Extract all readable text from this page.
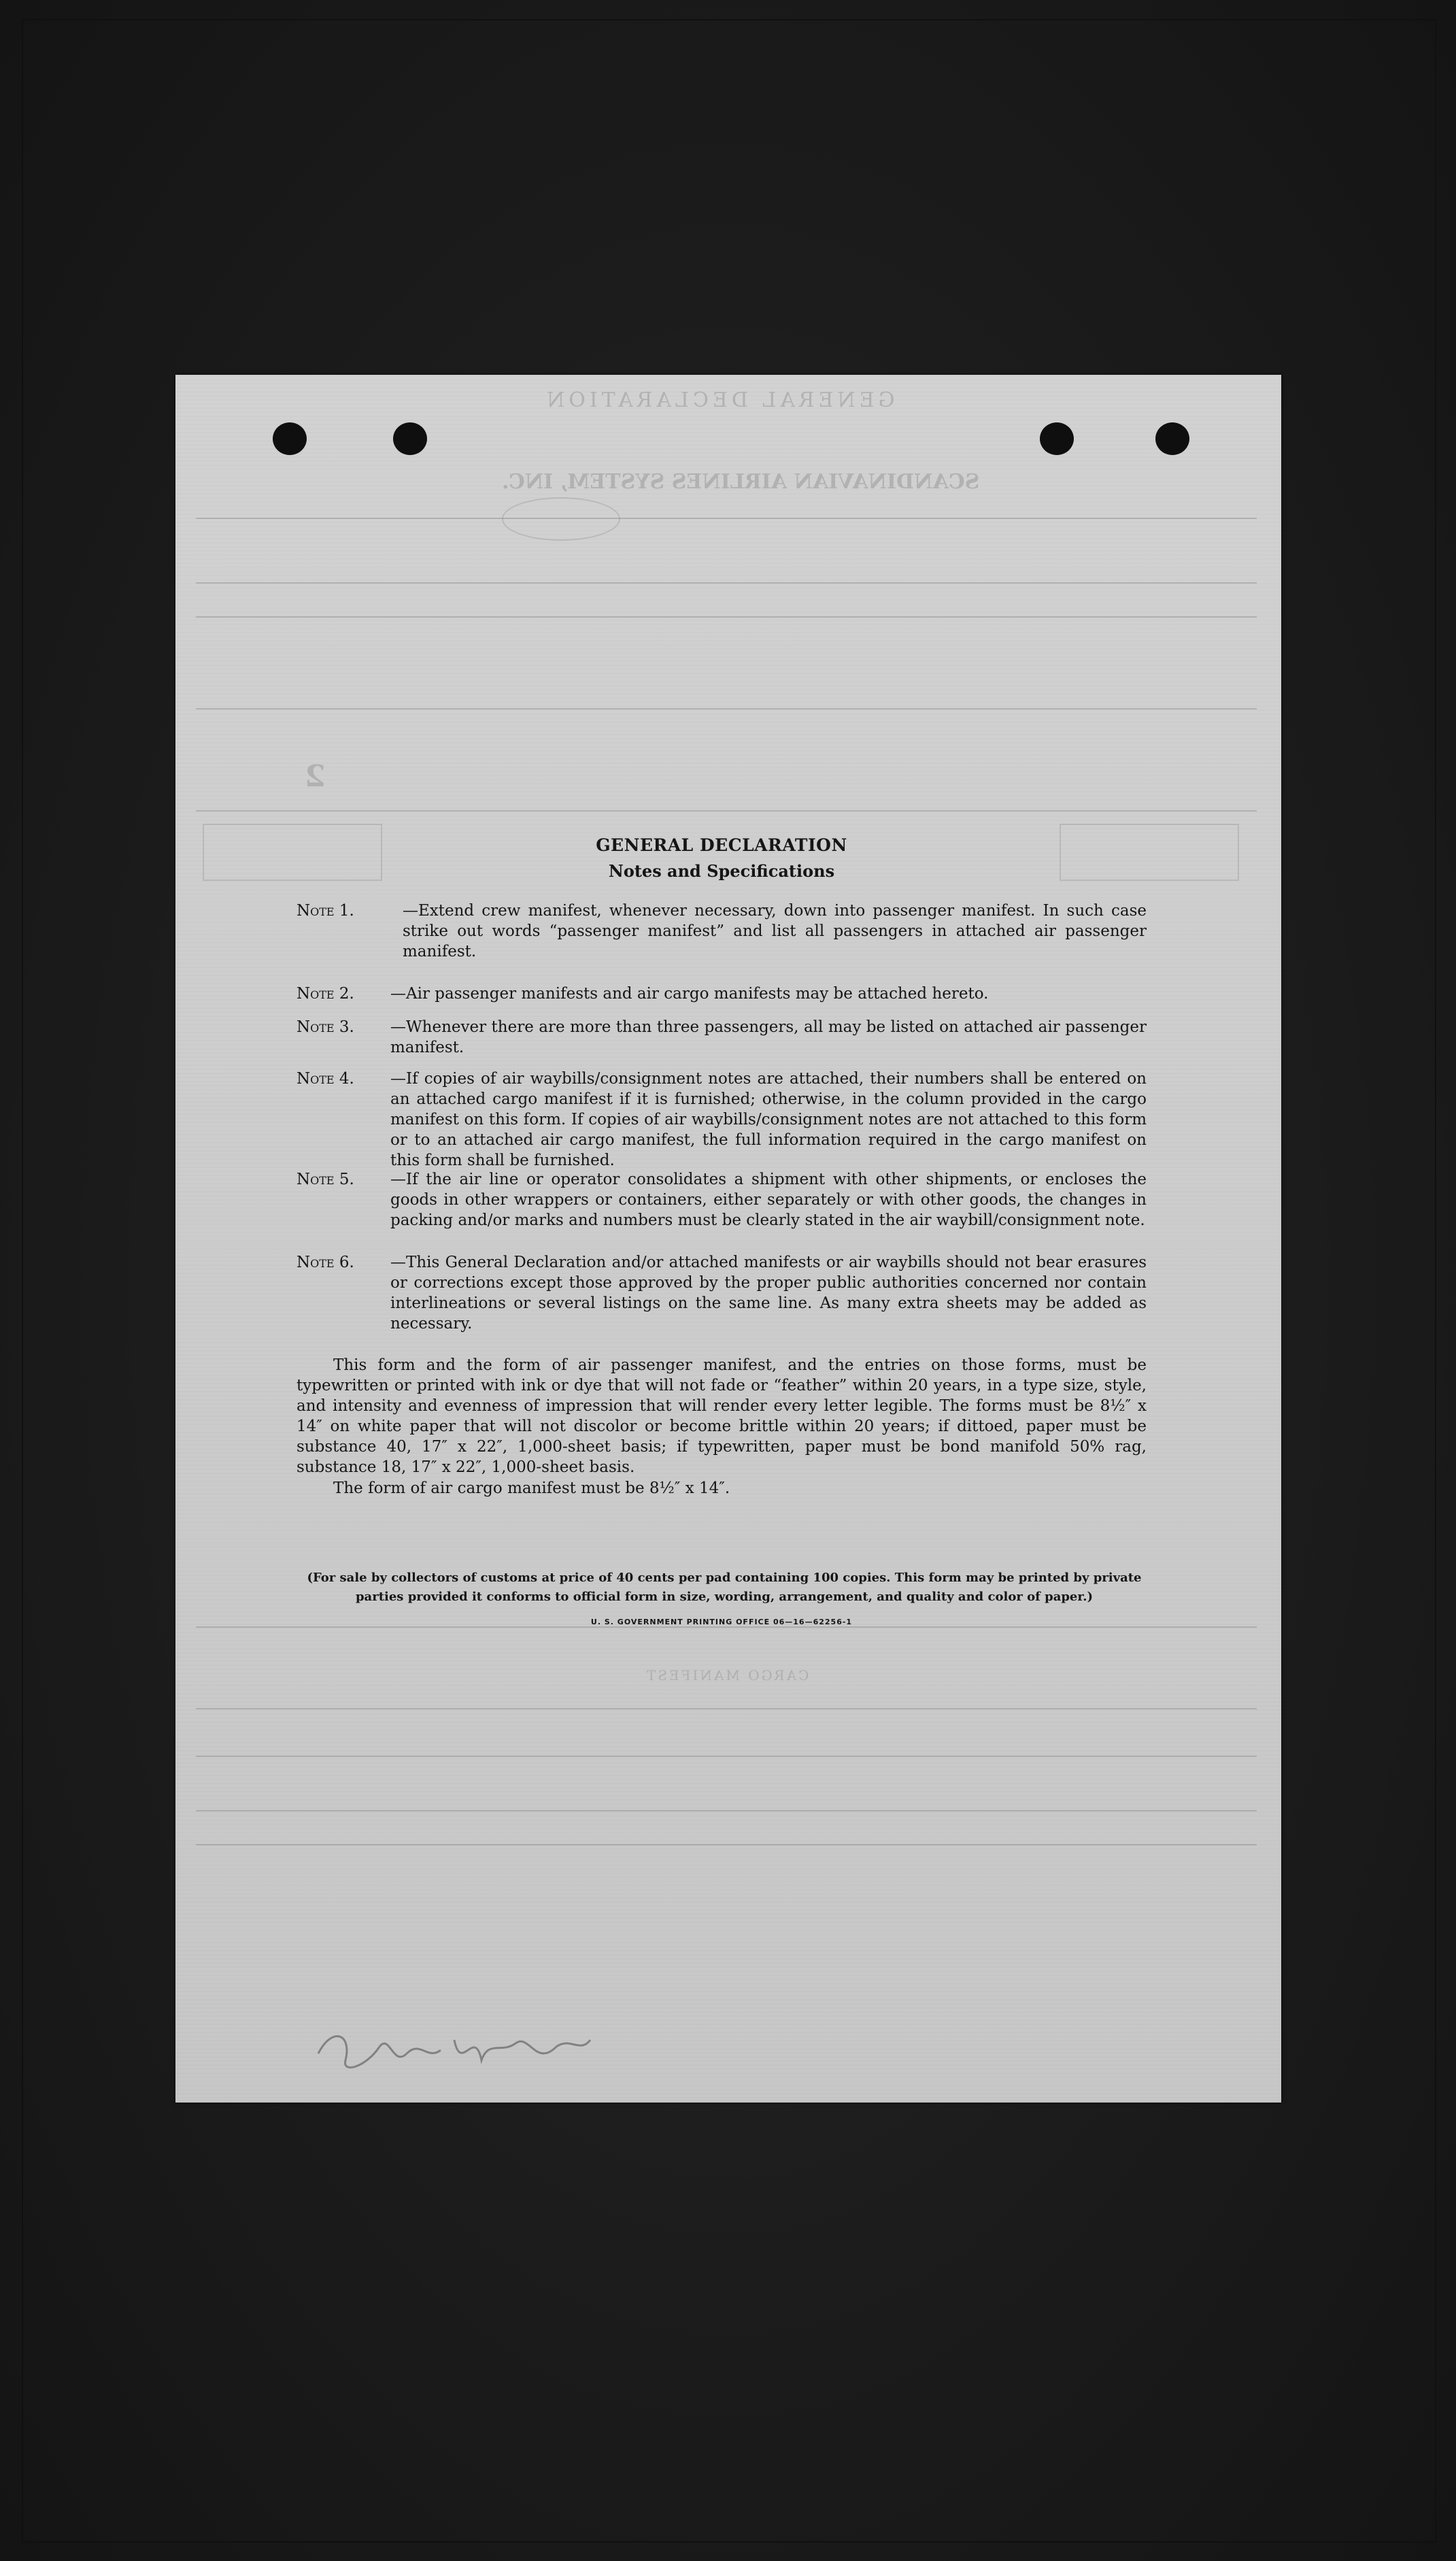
GENERAL DECLARATION
SCANDINAVIAN AIRLINES SYSTEM, INC.
2
CARGO MANIFEST
GENERAL DECLARATION
Notes and Specifications
Note 1.	—Extend crew manifest, whenever necessary, down into passenger manifest. In such case strike out words “passenger manifest” and list all passengers in attached air passenger manifest.
Note 2.	—Air passenger manifests and air cargo manifests may be attached hereto.
Note 3.	—Whenever there are more than three passengers, all may be listed on attached air passenger manifest.
Note 4.	—If copies of air waybills/consignment notes are attached, their numbers shall be entered on an attached cargo manifest if it is furnished; otherwise, in the column provided in the cargo manifest on this form. If copies of air waybills/consignment notes are not attached to this form or to an attached air cargo manifest, the full information required in the cargo manifest on this form shall be furnished.
Note 5.	—If the air line or operator consolidates a shipment with other shipments, or encloses the goods in other wrappers or containers, either separately or with other goods, the changes in packing and/or marks and numbers must be clearly stated in the air waybill/consignment note.
Note 6.	—This General Declaration and/or attached manifests or air waybills should not bear erasures or corrections except those approved by the proper public authorities concerned nor contain interlineations or several listings on the same line. As many extra sheets may be added as necessary.
This form and the form of air passenger manifest, and the entries on those forms, must be typewritten or printed with ink or dye that will not fade or “feather” within 20 years, in a type size, style, and intensity and evenness of impression that will render every letter legible. The forms must be 8½″ x 14″ on white paper that will not discolor or become brittle within 20 years; if dittoed, paper must be substance 40, 17″ x 22″, 1,000-sheet basis; if typewritten, paper must be bond manifold 50% rag, substance 18, 17″ x 22″, 1,000-sheet basis.
The form of air cargo manifest must be 8½″ x 14″.
(For sale by collectors of customs at price of 40 cents per pad containing 100 copies. This form may be printed by private parties provided it conforms to official form in size, wording, arrangement, and quality and color of paper.)
U. S. GOVERNMENT PRINTING OFFICE 06—16—62256-1
